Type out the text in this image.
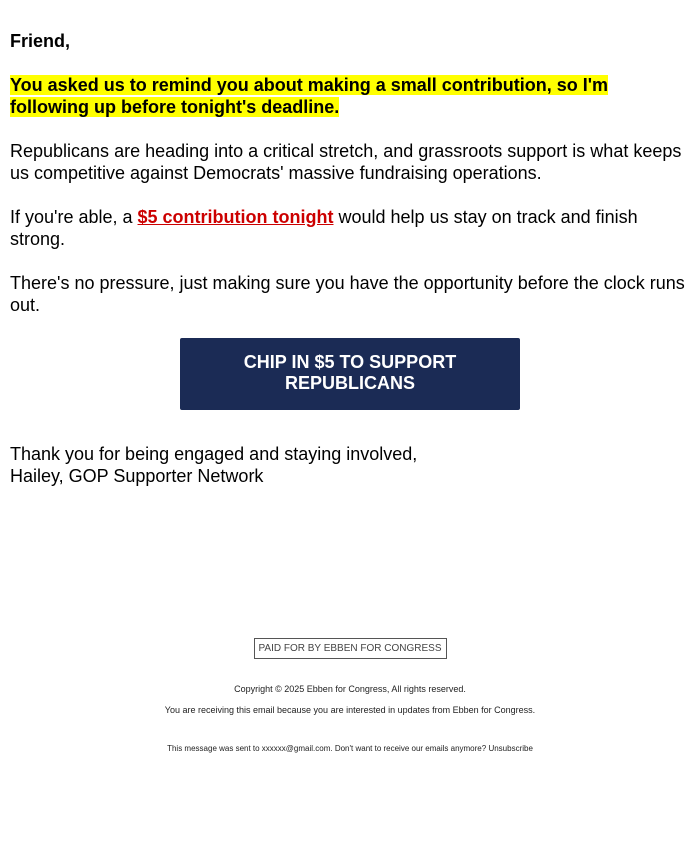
Friend,

You asked us to remind you about making a small contribution, so I'm following up before tonight's deadline.

Republicans are heading into a critical stretch, and grassroots support is what keeps us competitive against Democrats' massive fundraising operations.

If you're able, a $5 contribution tonight would help us stay on track and finish strong.

There's no pressure, just making sure you have the opportunity before the clock runs out.

CHIP IN $5 TO SUPPORT REPUBLICANS

Thank you for being engaged and staying involved,
Hailey, GOP Supporter Network

PAID FOR BY EBBEN FOR CONGRESS
Copyright © 2025 Ebben for Congress, All rights reserved.
You are receiving this email because you are interested in updates from Ebben for Congress.
This message was sent to xxxxxx@gmail.com. Don't want to receive our emails anymore? Unsubscribe
